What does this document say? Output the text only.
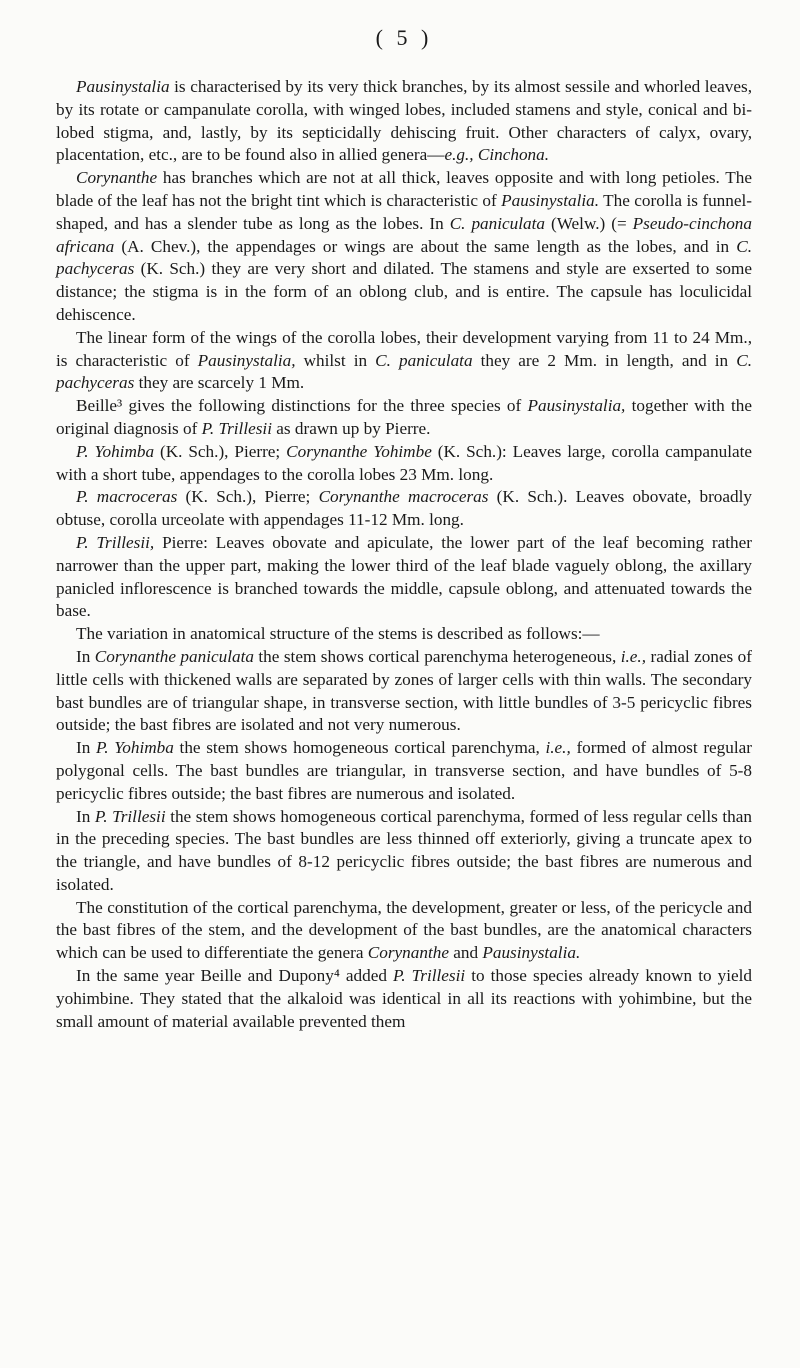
( 5 )

Pausinystalia is characterised by its very thick branches, by its almost sessile and whorled leaves, by its rotate or campanulate corolla, with winged lobes, included stamens and style, conical and bi-lobed stigma, and, lastly, by its septicidally dehiscing fruit. Other characters of calyx, ovary, placentation, etc., are to be found also in allied genera—e.g., Cinchona.

Corynanthe has branches which are not at all thick, leaves opposite and with long petioles. The blade of the leaf has not the bright tint which is characteristic of Pausinystalia. The corolla is funnel-shaped, and has a slender tube as long as the lobes. In C. paniculata (Welw.) (= Pseudo-cinchona africana (A. Chev.), the appendages or wings are about the same length as the lobes, and in C. pachyceras (K. Sch.) they are very short and dilated. The stamens and style are exserted to some distance; the stigma is in the form of an oblong club, and is entire. The capsule has loculicidal dehiscence.

The linear form of the wings of the corolla lobes, their development varying from 11 to 24 Mm., is characteristic of Pausinystalia, whilst in C. paniculata they are 2 Mm. in length, and in C. pachyceras they are scarcely 1 Mm.

Beille³ gives the following distinctions for the three species of Pausinystalia, together with the original diagnosis of P. Trillesii as drawn up by Pierre.

P. Yohimba (K. Sch.), Pierre; Corynanthe Yohimbe (K. Sch.): Leaves large, corolla campanulate with a short tube, appendages to the corolla lobes 23 Mm. long.

P. macroceras (K. Sch.), Pierre; Corynanthe macroceras (K. Sch.). Leaves obovate, broadly obtuse, corolla urceolate with appendages 11-12 Mm. long.

P. Trillesii, Pierre: Leaves obovate and apiculate, the lower part of the leaf becoming rather narrower than the upper part, making the lower third of the leaf blade vaguely oblong, the axillary panicled inflorescence is branched towards the middle, capsule oblong, and attenuated towards the base.

The variation in anatomical structure of the stems is described as follows:—

In Corynanthe paniculata the stem shows cortical parenchyma heterogeneous, i.e., radial zones of little cells with thickened walls are separated by zones of larger cells with thin walls. The secondary bast bundles are of triangular shape, in transverse section, with little bundles of 3-5 pericyclic fibres outside; the bast fibres are isolated and not very numerous.

In P. Yohimba the stem shows homogeneous cortical parenchyma, i.e., formed of almost regular polygonal cells. The bast bundles are triangular, in transverse section, and have bundles of 5-8 pericyclic fibres outside; the bast fibres are numerous and isolated.

In P. Trillesii the stem shows homogeneous cortical parenchyma, formed of less regular cells than in the preceding species. The bast bundles are less thinned off exteriorly, giving a truncate apex to the triangle, and have bundles of 8-12 pericyclic fibres outside; the bast fibres are numerous and isolated.

The constitution of the cortical parenchyma, the development, greater or less, of the pericycle and the bast fibres of the stem, and the development of the bast bundles, are the anatomical characters which can be used to differentiate the genera Corynanthe and Pausinystalia.

In the same year Beille and Dupony⁴ added P. Trillesii to those species already known to yield yohimbine. They stated that the alkaloid was identical in all its reactions with yohimbine, but the small amount of material available prevented them
